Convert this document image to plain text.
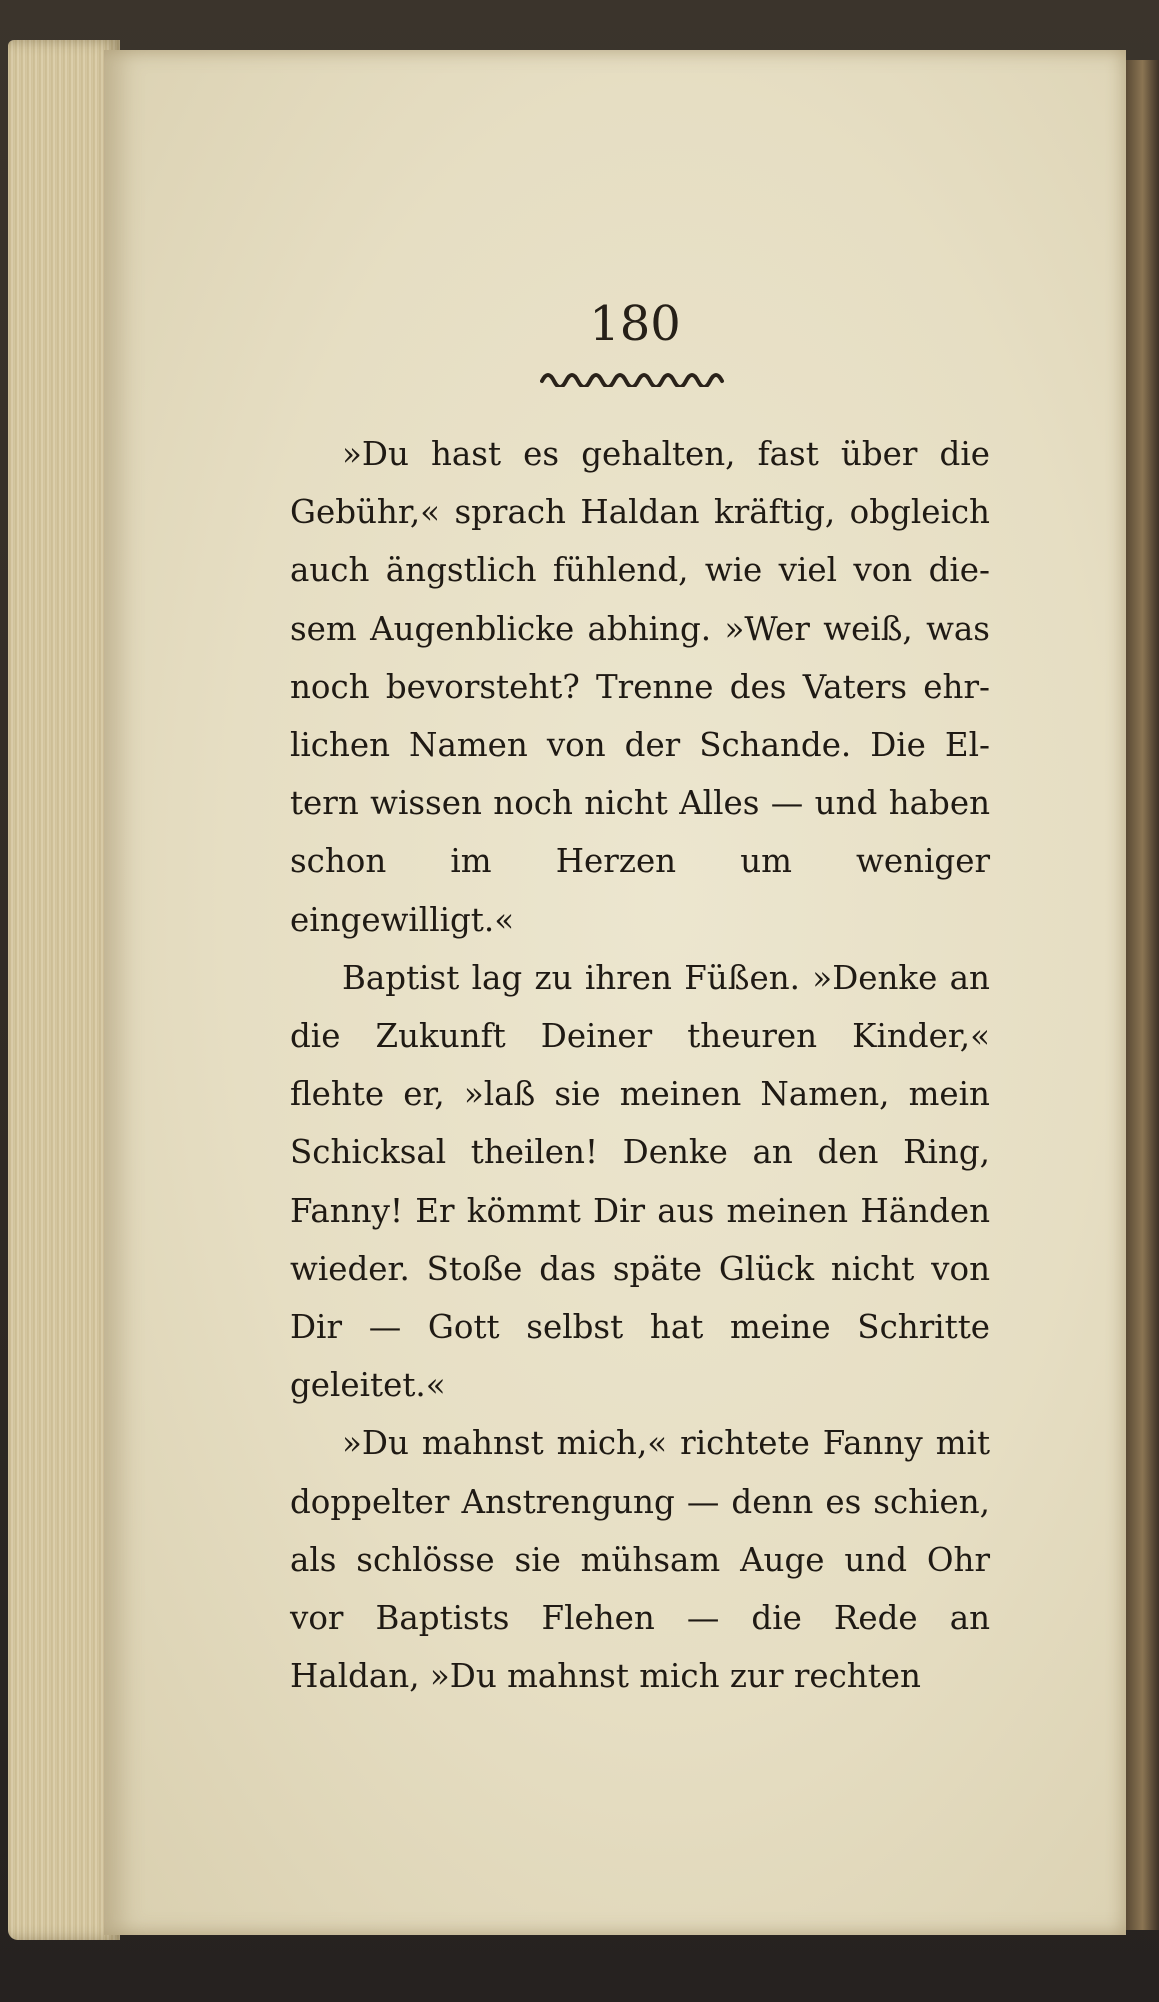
180

»Du hast es gehalten, fast über die Gebühr,« sprach Haldan kräftig, obgleich auch ängstlich fühlend, wie viel von diesem Augenblicke abhing. »Wer weiß, was noch bevorsteht? Trenne des Vaters ehrlichen Namen von der Schande. Die Eltern wissen noch nicht Alles — und haben schon im Herzen um weniger eingewilligt.«

Baptist lag zu ihren Füßen. »Denke an die Zukunft Deiner theuren Kinder,« flehte er, »laß sie meinen Namen, mein Schicksal theilen! Denke an den Ring, Fanny! Er kömmt Dir aus meinen Händen wieder. Stoße das späte Glück nicht von Dir — Gott selbst hat meine Schritte geleitet.«

»Du mahnst mich,« richtete Fanny mit doppelter Anstrengung — denn es schien, als schlösse sie mühsam Auge und Ohr vor Baptists Flehen — die Rede an Haldan, »Du mahnst mich zur rechten
